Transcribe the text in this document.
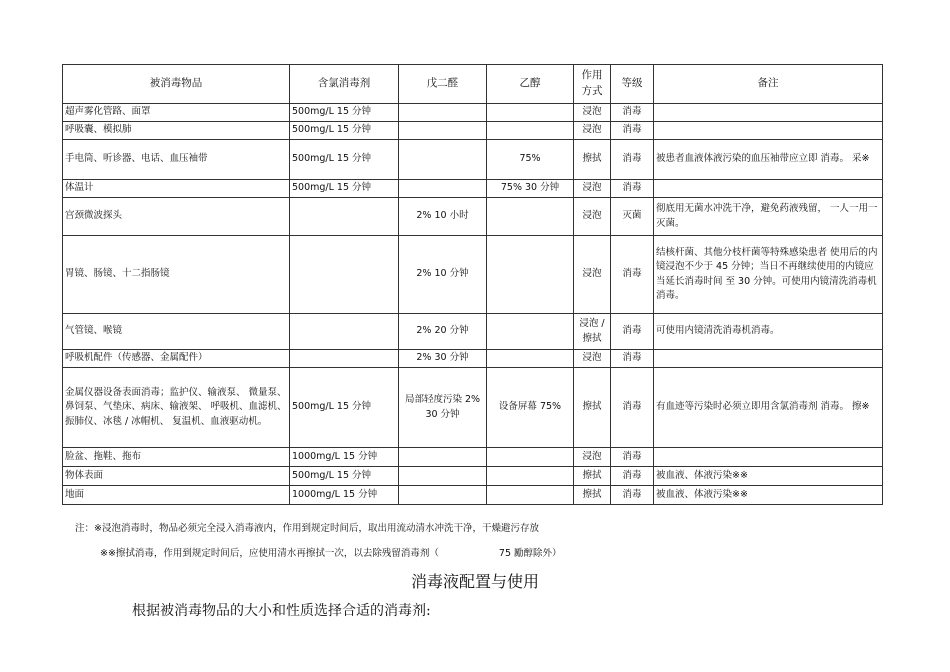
被消毒物品	含氯消毒剂	戊二醛	乙醇	作用 方式	等级	备注
超声雾化管路、面罩	500mg/L 15 分钟			浸泡	消毒	
呼吸囊、模拟肺	500mg/L 15 分钟			浸泡	消毒	
手电筒、听诊器、电话、血压袖带	500mg/L 15 分钟		75%	擦拭	消毒	被患者血液体液污染的血压袖带应立即 消毒。 采※
体温计	500mg/L 15 分钟		75% 30 分钟	浸泡	消毒	
宫颈微波探头		2% 10 小时		浸泡	灭菌	彻底用无菌水冲洗干净，避免药液残留， 一人一用一灭菌。
胃镜、肠镜、十二指肠镜		2% 10 分钟		浸泡	消毒	结核杆菌、其他分枝杆菌等特殊感染患者 使用后的内镜浸泡不少于 45 分钟；当日不再继续使用的内镜应当延长消毒时间 至 30 分钟。可使用内镜清洗消毒机消毒。
气管镜、喉镜		2% 20 分钟		浸泡 / 擦拭	消毒	可使用内镜清洗消毒机消毒。
呼吸机配件（传感器、金属配件）		2% 30 分钟		浸泡	消毒	
金属仪器设备表面消毒；监护仪、输液泵、 微量泵、鼻饲泵、气垫床、病床、输液架、 呼吸机、血滤机、振肺仪、冰毯 / 冰帽机、 复温机、血液驱动机。	500mg/L 15 分钟	局部轻度污染 2% 30 分钟	设备屏幕 75%	擦拭	消毒	有血迹等污染时必须立即用含氯消毒剂 消毒。 擦※
脸盆、拖鞋、拖布	1000mg/L 15 分钟			浸泡	消毒	
物体表面	500mg/L 15 分钟			擦拭	消毒	被血液、体液污染※※
地面	1000mg/L 15 分钟			擦拭	消毒	被血液、体液污染※※
注：※浸泡消毒时，物品必须完全浸入消毒液内，作用到规定时间后，取出用流动清水冲洗干净，干燥避污存放
※※擦拭消毒，作用到规定时间后，应使用清水再擦拭一次，以去除残留消毒剂（	75 勵醇除外）
消毒液配置与使用
根据被消毒物品的大小和性质选择合适的消毒剂:
